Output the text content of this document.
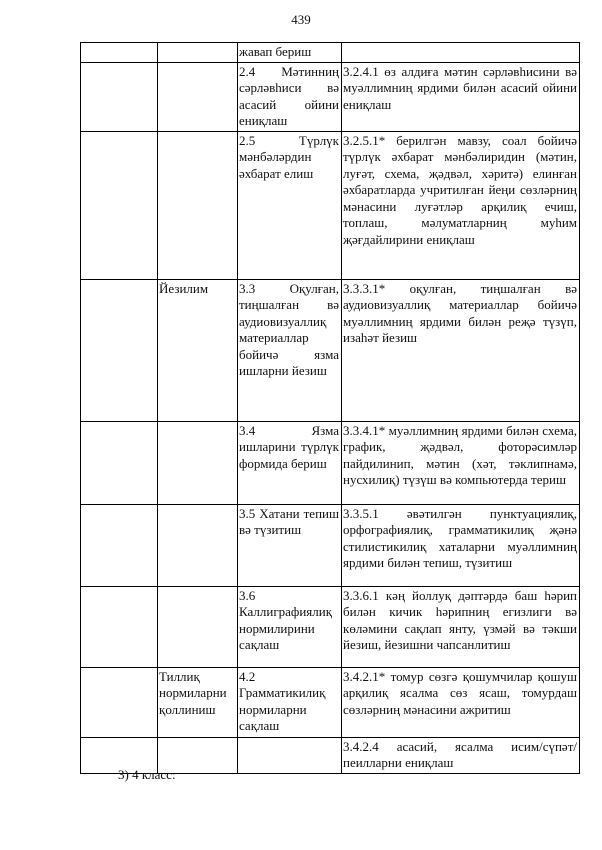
439
		жавап бериш	
		2.4 Мәтинниң сәрләвһиси вә асасий ойини ениқлаш	3.2.4.1 өз алдиға мәтин сәрләвһисини вә муәллимниң ярдими билән асасий ойини ениқлаш
		2.5 Түрлүк мәнбәләрдин әхбарат елиш	3.2.5.1* берилгән мавзу, соал бойичә түрлүк әхбарат мәнбәлиридин (мәтин, луғәт, схема, җәдвәл, хәритә) елинған әхбаратларда учритилған йеңи сөзләрниң мәнасини луғәтләр арқилиқ ечиш, топлаш, мәлуматларниң муһим җәғдайлирини ениқлаш
	Йезилим	3.3 Оқулған, тиңшалған вә аудиовизуаллиқ материаллар бойичә язма ишларни йезиш	3.3.3.1* оқулған, тиңшалған вә аудиовизуаллиқ материаллар бойичә муәллимниң ярдими билән реҗә түзүп, изаһәт йезиш
		3.4 Язма ишларини түрлүк формида бериш	3.3.4.1* муәллимниң ярдими билән схема, график, җәдвәл, фоторәсимләр пайдилинип, мәтин (хәт, тәклипнамә, нусхилиқ) түзүш вә компьютерда териш
		3.5 Хатани тепиш вә түзитиш	3.3.5.1 әвәтилгән пунктуациялиқ, орфографиялиқ, грамматикилиқ җәнә стилистикилиқ хаталарни муәллимниң ярдими билән тепиш, түзитиш
		3.6 Каллиграфиялиқ нормилирини сақлаш	3.3.6.1 кәң йоллуқ дәптәрдә баш һәрип билән кичик һәрипниң егизлиги вә көләмини сақлап янту, үзмәй вә тәкши йезиш, йезишни чапсанлитиш
	Тиллиқ нормиларни қоллиниш	4.2 Грамматикилиқ нормиларни сақлаш	3.4.2.1* томур сөзгә қошумчилар қошуш арқилиқ ясалма сөз ясаш, томурдаш сөзләрниң мәнасини ажритиш
			3.4.2.4 асасий, ясалма исим/сүпәт/пеилларни ениқлаш
3) 4 класс:
